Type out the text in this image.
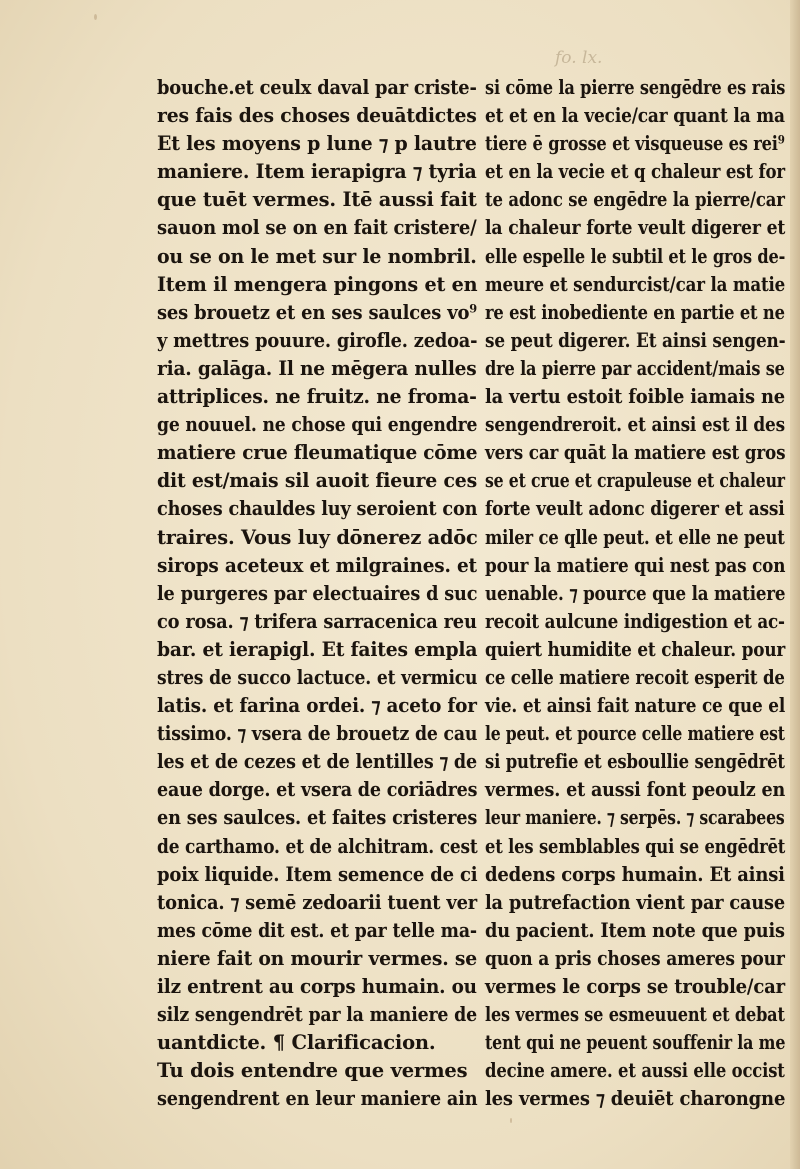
fo. lx.
bouche.et ceulx daval par criste-
res fais des choses deuātdictes
Et les moyens p lune ⁊ p lautre
maniere. Item ierapigra ⁊ tyria
que tuēt vermes. Itē aussi fait
sauon mol se on en fait cristere/
ou se on le met sur le nombril.
Item il mengera pingons et en
ses brouetz et en ses saulces vo⁹
y mettres pouure. girofle. zedoa-
ria. galāga. Il ne mēgera nulles
attriplices. ne fruitz. ne froma-
ge nouuel. ne chose qui engendre
matiere crue fleumatique cōme
dit est/mais sil auoit fieure ces
choses chauldes luy seroient con
traires. Vous luy dōnerez adōc
sirops aceteux et milgraines. et
le purgeres par electuaires d suc
co rosa. ⁊ trifera sarracenica reu
bar. et ierapigl. Et faites empla
stres de succo lactuce. et vermicu
latis. et farina ordei. ⁊ aceto for
tissimo. ⁊ vsera de brouetz de cau
les et de cezes et de lentilles ⁊ de
eaue dorge. et vsera de coriādres
en ses saulces. et faites cristeres
de carthamo. et de alchitram. cest
poix liquide. Item semence de ci
tonica. ⁊ semē zedoarii tuent ver
mes cōme dit est. et par telle ma-
niere fait on mourir vermes. se
ilz entrent au corps humain. ou
silz sengendrēt par la maniere de
uantdicte. ¶ Clarificacion.
Tu dois entendre que vermes
sengendrent en leur maniere ain
si cōme la pierre sengēdre es rais
et et en la vecie/car quant la ma
tiere ē grosse et visqueuse es rei⁹
et en la vecie et q chaleur est for
te adonc se engēdre la pierre/car
la chaleur forte veult digerer et
elle espelle le subtil et le gros de-
meure et sendurcist/car la matie
re est inobediente en partie et ne
se peut digerer. Et ainsi sengen-
dre la pierre par accident/mais se
la vertu estoit foible iamais ne
sengendreroit. et ainsi est il des
vers car quāt la matiere est gros
se et crue et crapuleuse et chaleur
forte veult adonc digerer et assi
miler ce qlle peut. et elle ne peut
pour la matiere qui nest pas con
uenable. ⁊ pource que la matiere
recoit aulcune indigestion et ac-
quiert humidite et chaleur. pour
ce celle matiere recoit esperit de
vie. et ainsi fait nature ce que el
le peut. et pource celle matiere est
si putrefie et esboullie sengēdrēt
vermes. et aussi font peoulz en
leur maniere. ⁊ serpēs. ⁊ scarabees
et les semblables qui se engēdrēt
dedens corps humain. Et ainsi
la putrefaction vient par cause
du pacient. Item note que puis
quon a pris choses ameres pour
vermes le corps se trouble/car
les vermes se esmeuuent et debat
tent qui ne peuent souffenir la me
decine amere. et aussi elle occist
les vermes ⁊ deuiēt charongne
